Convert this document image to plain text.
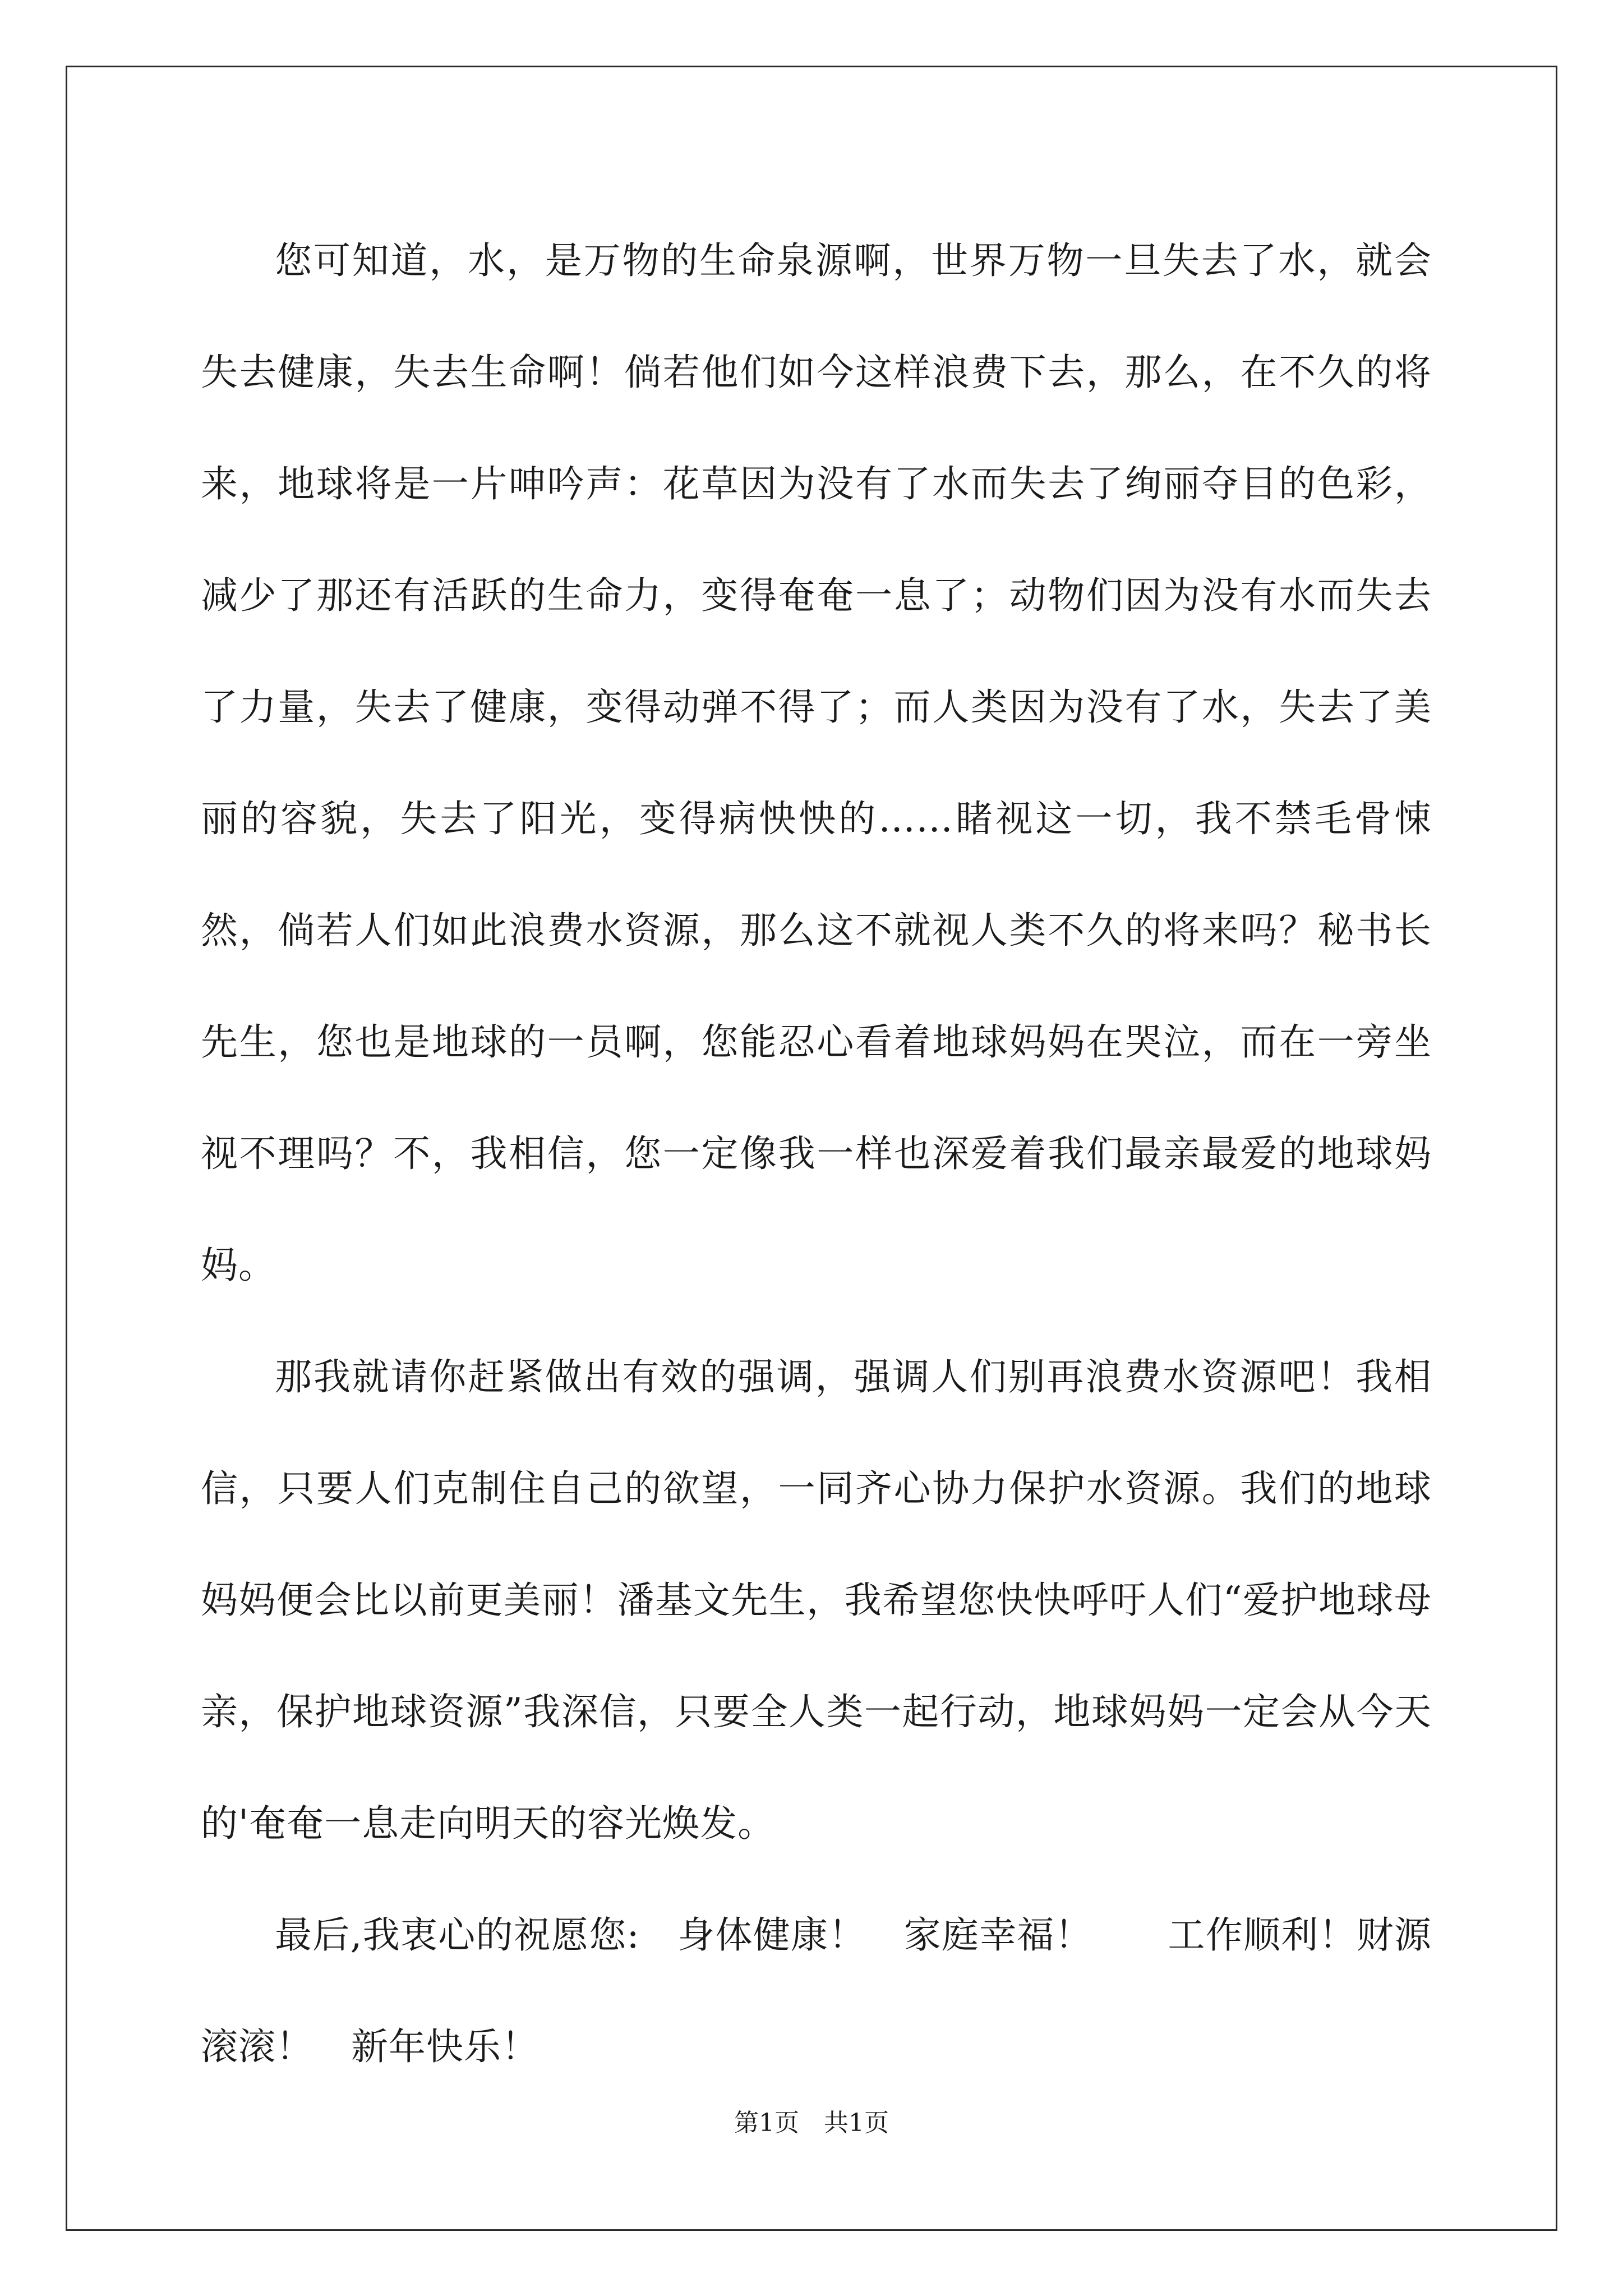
您可知道，水，是万物的生命泉源啊，世界万物一旦失去了水，就会失去健康，失去生命啊！倘若他们如今这样浪费下去，那么，在不久的将来，地球将是一片呻吟声：花草因为没有了水而失去了绚丽夺目的色彩，减少了那还有活跃的生命力，变得奄奄一息了；动物们因为没有水而失去了力量，失去了健康，变得动弹不得了；而人类因为没有了水，失去了美丽的容貌，失去了阳光，变得病怏怏的……睹视这一切，我不禁毛骨悚然，倘若人们如此浪费水资源，那么这不就视人类不久的将来吗？秘书长先生，您也是地球的一员啊，您能忍心看着地球妈妈在哭泣，而在一旁坐视不理吗？不，我相信，您一定像我一样也深爱着我们最亲最爱的地球妈妈。

那我就请你赶紧做出有效的强调，强调人们别再浪费水资源吧！我相信，只要人们克制住自己的欲望，一同齐心协力保护水资源。我们的地球妈妈便会比以前更美丽！潘基文先生，我希望您快快呼吁人们“爱护地球母亲，保护地球资源”我深信，只要全人类一起行动，地球妈妈一定会从今天的'奄奄一息走向明天的容光焕发。

最后,我衷心的祝愿您:　身体健康！　家庭幸福！　　工作顺利！财源滚滚！　新年快乐！

第1页　共1页
